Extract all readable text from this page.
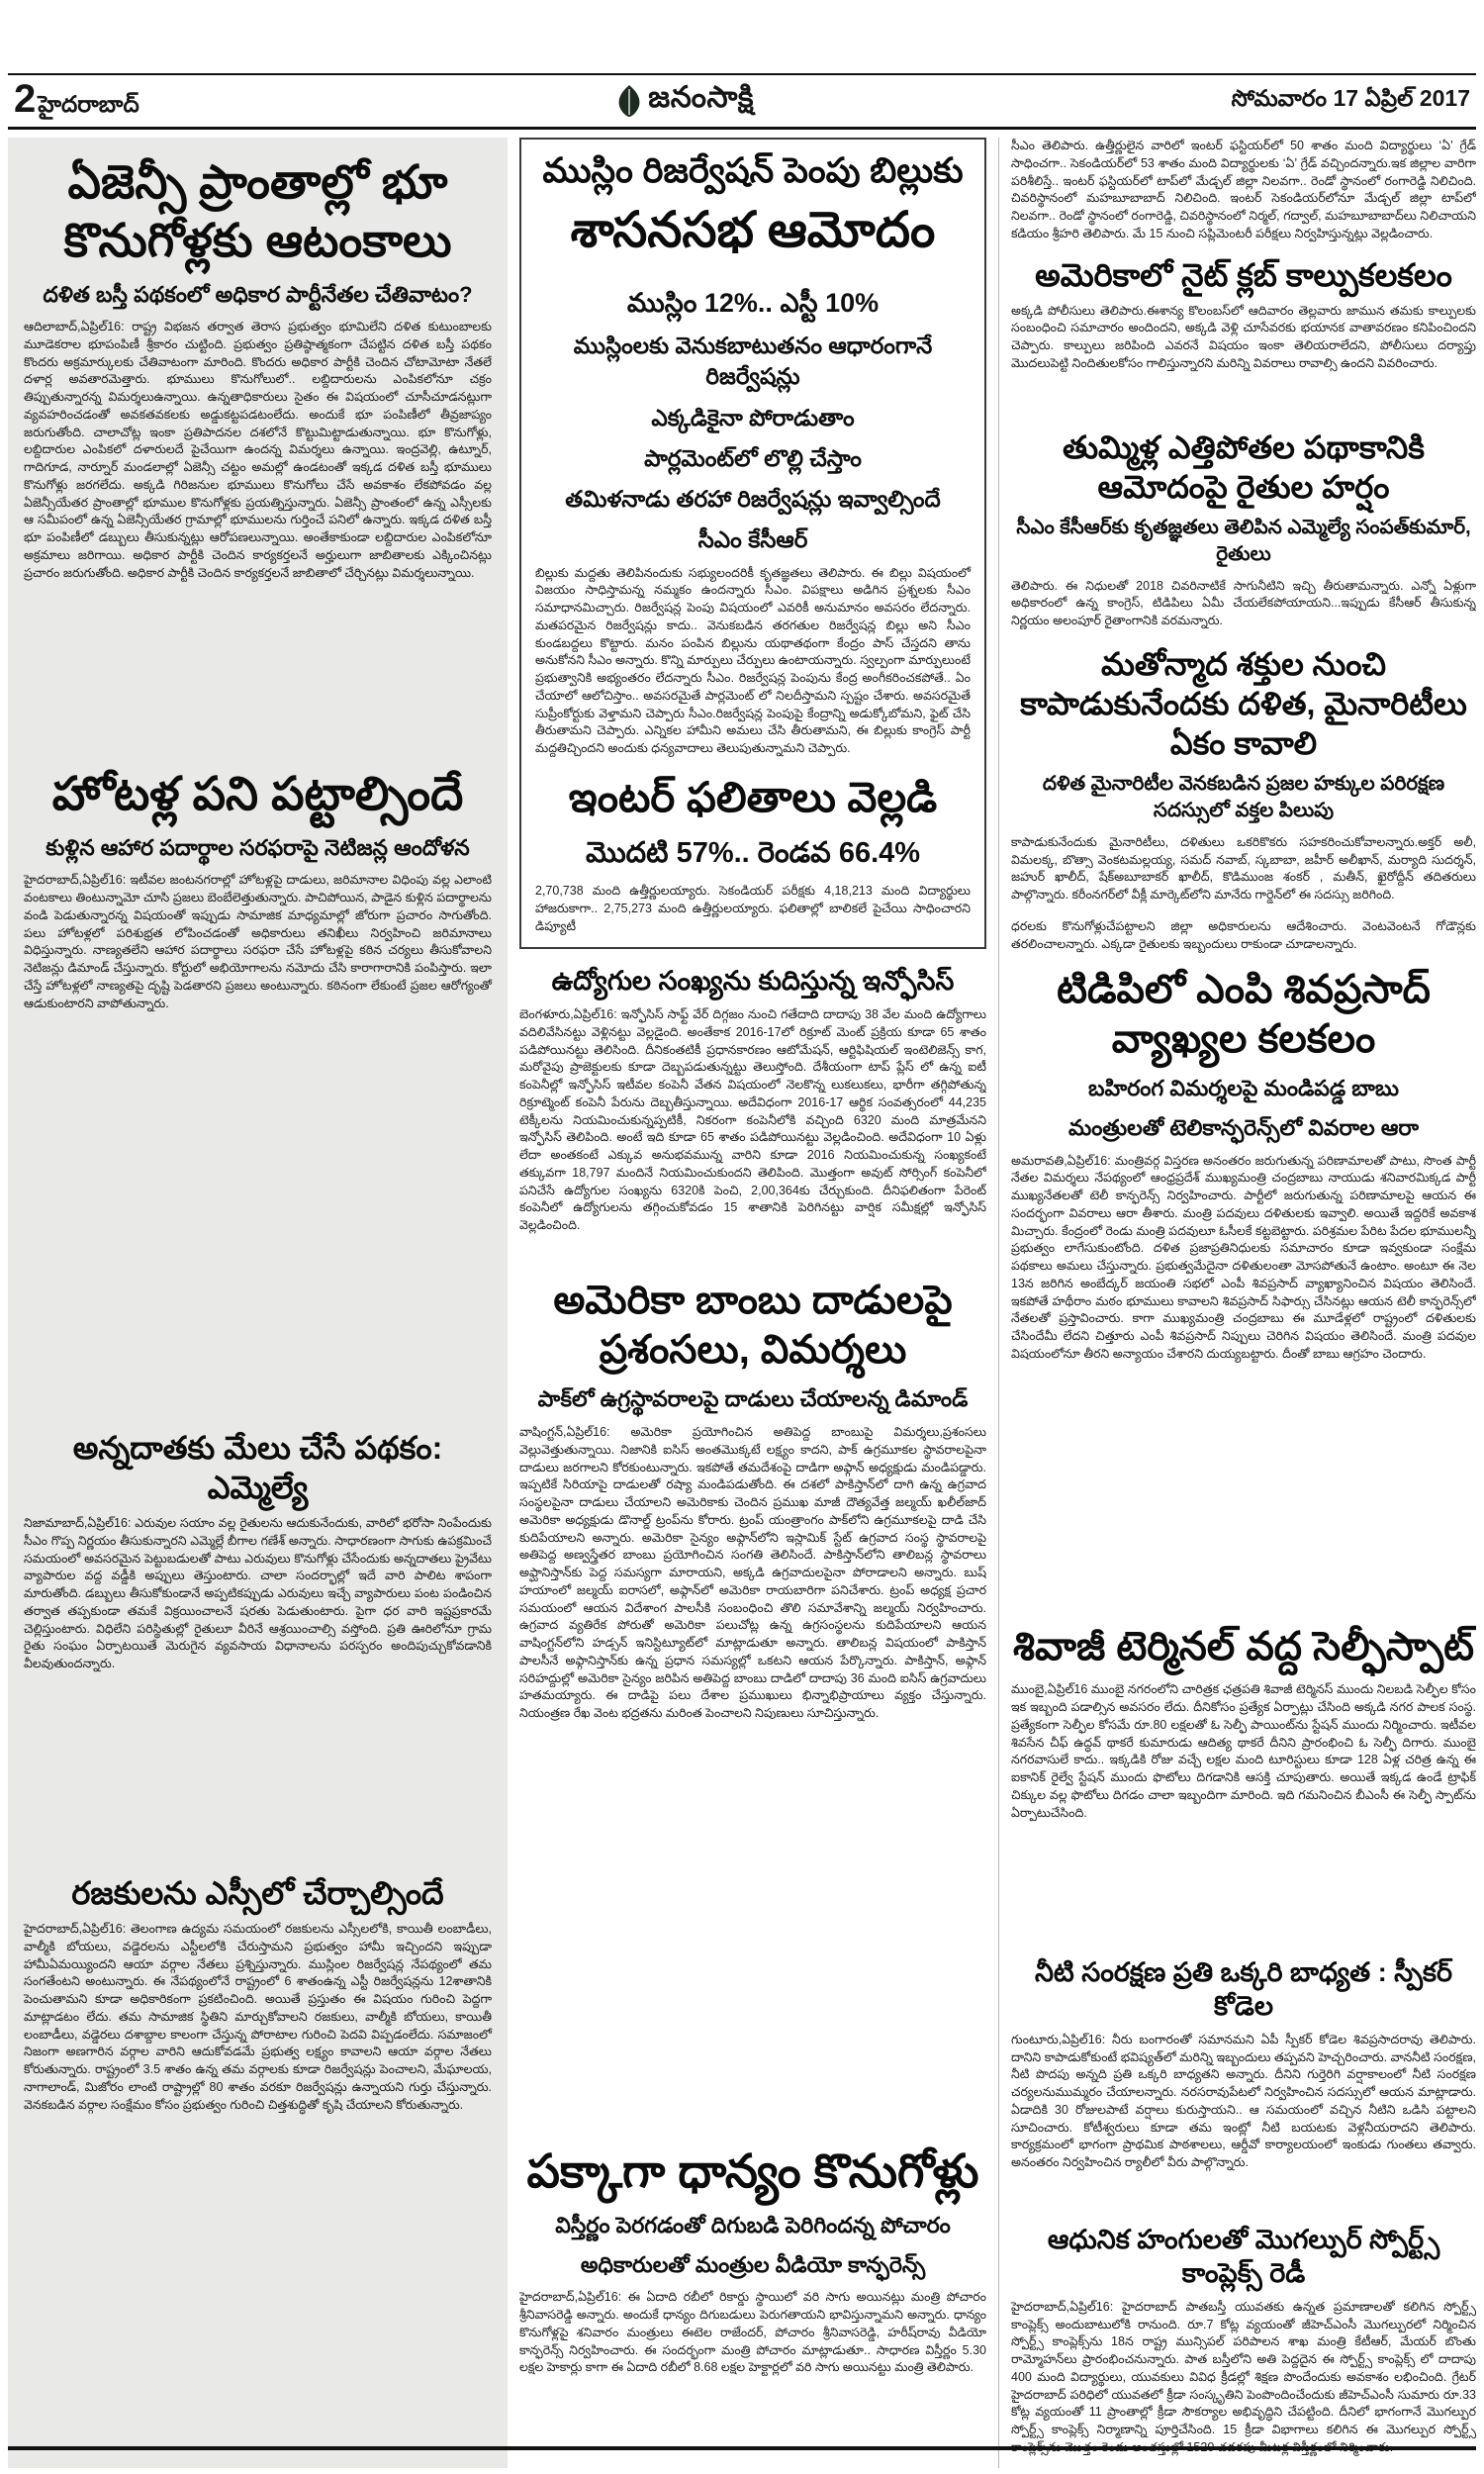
2 హైదరాబాద్	జనంసాక్షి	సోమవారం 17 ఏప్రిల్ 2017
ఏజెన్సీ ప్రాంతాల్లో భూ కొనుగోళ్లకు ఆటంకాలు
దళిత బస్తీ పథకంలో అధికార పార్టీనేతల చేతివాటం?
ఆదిలాబాద్,ఏప్రిల్16: రాష్ట్ర విభజన తర్వాత తెరాస ప్రభుత్వం భూమిలేని దళిత కుటుంబాలకు మూడెకరాల భూపంపిణీ శ్రీకారం చుట్టింది. ప్రభుత్వం ప్రతిష్ఠాత్మకంగా చేపట్టిన దళిత బస్తీ పథకం కొందరు అక్రమార్కులకు చేతివాటంగా మారింది. కొందరు అధికార పార్టీకి చెందిన చోటామోటా నేతలే దళార్ల అవతారమెత్తారు. భూములు కొనుగోలులో.. లబ్దిదారులను ఎంపికలోనూ చక్రం తిప్పుతున్నారన్న విమర్శలుఉన్నాయి. ఉన్నతాధికారులు సైతం ఈ విషయంలో చూసీచూడనట్లుగా వ్యవహరించడంతో అవకతవకలకు అడ్డుకట్టపడటంలేదు. అందుకే భూ పంపిణీలో తీవ్రజాప్యం జరుగుతోంది. చాలాచోట్ల ఇంకా ప్రతిపాదనల దశలోనే కొట్టుమిట్టాడుతున్నాయి. భూ కొనుగోళ్లు, లబ్దిదారుల ఎంపికలో దళారులదే పైచేయిగా ఉందన్న విమర్శలు ఉన్నాయి. ఇంద్రవెల్లి, ఉట్నూర్, గాదిగూడ, నార్నూర్ మండలాల్లో ఏజెన్సీ చట్టం అమల్లో ఉండటంతో ఇక్కడ దళిత బస్తీ భూములు కొనుగోళ్లు జరగలేదు. అక్కడి గిరిజనుల భూములు కొనుగోలు చేసే అవకాశం లేకపోవడం వల్ల ఏజెన్సీయేతర ప్రాంతాల్లో భూముల కొనుగోళ్లకు ప్రయత్నిస్తున్నారు. ఏజెన్సీ ప్రాంతంలో ఉన్న ఎస్సీలకు ఆ సమీపంలో ఉన్న ఏజెన్సీయేతర గ్రామాల్లో భూములను గుర్తించే పనిలో ఉన్నారు. ఇక్కడ దళిత బస్తీ భూ పంపిణీలో డబ్బులు తీసుకున్నట్లు ఆరోపణలున్నాయి. అంతేకాకుండా లబ్దిదారుల ఎంపికలోనూ అక్రమాలు జరిగాయి. అధికార పార్టీకి చెందిన కార్యకర్తలనే అర్హులుగా జాబితాలకు ఎక్కించినట్లు ప్రచారం జరుగుతోంది. అధికార పార్టీకి చెందిన కార్యకర్తలనే జాబితాలో చేర్చినట్లు విమర్శలున్నాయి.
హోటళ్ల పని పట్టాల్సిందే
కుళ్లిన ఆహార పదార్థాల సరఫరాపై నెటిజన్ల ఆందోళన
హైదరాబాద్,ఏప్రిల్16: ఇటీవల జంటనగరాల్లో హోటళ్లపై దాడులు, జరిమానాల విధింపు వల్ల ఎలాంటి వంటకాలు తింటున్నామో చూసి ప్రజలు బెంబేలెత్తుతున్నారు. పాచిపోయిన, పాడైన కుళ్లిన పదార్థాలను వండి పెడుతున్నారన్న విషయంతో ఇప్పుడు సామాజిక మాధ్యమాల్లో జోరుగా ప్రచారం సాగుతోంది. పలు హోటళ్లలో పరిశుభ్రత లోపించడంతో అధికారులు తనిఖీలు నిర్వహించి జరిమానాలు విధిస్తున్నారు. నాణ్యతలేని ఆహార పదార్థాలు సరఫరా చేసే హోటళ్లపై కఠిన చర్యలు తీసుకోవాలని నెటిజన్లు డిమాండ్ చేస్తున్నారు. కోర్టులో అభియోగాలను నమోదు చేసి కారాగారానికి పంపిస్తారు. ఇలా చేస్తే హోటళ్లలో నాణ్యతపై దృష్టి పెడతారని ప్రజలు అంటున్నారు. కఠినంగా లేకుంటే ప్రజల ఆరోగ్యంతో ఆడుకుంటారని వాపోతున్నారు.
అన్నదాతకు మేలు చేసే పథకం: ఎమ్మెల్యే
నిజామాబాద్,ఏప్రిల్16: ఎరువుల సయాం వల్ల రైతులను ఆదుకునేందుకు, వారిలో భరోసా నింపేందుకు సీఎం గొప్ప నిర్ణయం తీసుకున్నారని ఎమ్మెల్లే బీగాల గణేశ్ అన్నారు. సాధారణంగా సాగుకు ఉపక్రమించే సమయంలో అవసరమైన పెట్టుబడులతో పాటు ఎరువులు కొనుగోళ్లు చేసేందుకు అన్నదాతలు ప్రైవేటు వ్యాపారుల వద్ద వడ్డీకి అప్పులు తెస్తుంటారు. చాలా సందర్భాల్లో ఇదే వారి పాలిట శాపంగా మారుతోంది. డబ్బులు తీసుకోకుండానే అప్పటికప్పుడు ఎరువులు ఇచ్చే వ్యాపారులు పంట పండించిన తర్వాత తప్పకుండా తమకే విక్రయించాలనే షరతు పెడుతుంటారు. పైగా ధర వారి ఇష్టప్రకారమే చెల్లిస్తుంటారు. విధిలేని పరిస్థితుల్లో రైతులూ వీరినే ఆశ్రయించాల్సి వస్తోంది. ప్రతి ఊరిలోనూ గ్రామ రైతు సంఘం ఏర్పాటయితే మెరుగైన వ్యవసాయ విధానాలను పరస్పరం అందిపుచ్చుకోవడానికి వీలవుతుందన్నారు.
రజకులను ఎస్సీలో చేర్చాల్సిందే
హైదరాబాద్,ఏప్రిల్16: తెలంగాణ ఉద్యమ సమయంలో రజకులను ఎస్సీలలోకి, కాయితీ లంబాడీలు, వాల్మీకి బోయలు, వడ్డెరలను ఎస్టీలలోకి చేరుస్తామని ప్రభుత్వం హామీ ఇచ్చిందని ఇప్పుడా హామీఏమయ్యిందని ఆయా వర్గాల నేతలు ప్రశ్నిస్తున్నారు. ముస్లింల రిజర్వేషన్ల నేపథ్యంలో తమ సంగతేంటని అంటున్నారు. ఈ నేపథ్యంలోనే రాష్ట్రంలో 6 శాతంఉన్న ఎస్టీ రిజర్వేషన్లను 12శాతానికి పెంచుతామని కూడా అధికారికంగా ప్రకటించింది. అయితే ప్రస్తుతం ఈ విషయం గురించి పెద్దగా మాట్లాడటం లేదు. తమ సామాజిక స్థితిని మార్చుకోవాలని రజకులు, వాల్మీకి బోయలు, కాయితీ లంబాడీలు, వడ్డెరలు దశాబ్దాల కాలంగా చేస్తున్న పోరాటాల గురించి పెదవి విప్పడంలేదు. సమాజంలో నిజంగా అణగారిన వర్గాల వారిని ఆదుకోవడమే ప్రభుత్వ లక్ష్యం కావాలని ఆయా వర్గాల నేతలు కోరుతున్నారు. రాష్ట్రంలో 3.5 శాతం ఉన్న తమ వర్గాలకు కూడా రిజర్వేషన్లు పెంచాలని, మేఘాలయ, నాగాలాండ్, మిజోరం లాంటి రాష్ట్రాల్లో 80 శాతం వరకూ రిజర్వేషన్లు ఉన్నాయని గుర్తు చేస్తున్నారు. వెనకబడిన వర్గాల సంక్షేమం కోసం ప్రభుత్వం గురించి చిత్తశుద్ధితో కృషి చేయాలని కోరుతున్నారు.
ముస్లిం రిజర్వేషన్ పెంపు బిల్లుకు
శాసనసభ ఆమోదం
ముస్లిం 12%.. ఎస్టీ 10%
ముస్లింలకు వెనుకబాటుతనం ఆధారంగానే రిజర్వేషన్లు
ఎక్కడికైనా పోరాడుతాం
పార్లమెంట్‌లో లొల్లి చేస్తాం
తమిళనాడు తరహా రిజర్వేషన్లు ఇవ్వాల్సిందే
సీఎం కేసీఆర్
బిల్లుకు మద్దతు తెలిపినందుకు సభ్యులందరికీ కృతజ్ఞతలు తెలిపారు. ఈ బిల్లు విషయంలో విజయం సాధిస్తామన్న నమ్మకం ఉందన్నారు సీఎం. విపక్షాలు అడిగిన ప్రశ్నలకు సీఎం సమాధానమిచ్చారు. రిజర్వేషన్ల పెంపు విషయంలో ఎవరికీ అనుమానం అవసరం లేదన్నారు. మతపరమైన రిజర్వేషన్లు కాదు.. వెనుకబడిన తరగతుల రిజర్వేషన్ల బిల్లు అని సీఎం కుండబద్దలు కొట్టారు. మనం పంపిన బిల్లును యథాతథంగా కేంద్రం పాస్ చేస్తదని తాను అనుకోనని సీఎం అన్నారు. కొన్ని మార్పులు చేర్పులు ఉంటాయన్నారు. స్వల్పంగా మార్పులుంటే ప్రభుత్వానికి అభ్యంతరం లేదన్నారు సీఎం. రిజర్వేషన్ల పెంపును కేంద్ర అంగీకరించకపోతే.. ఏం చేయాలో ఆలోచిస్తాం.. అవసరమైతే పార్లమెంట్ లో నిలదీస్తామని స్పష్టం చేశారు. అవసరమైతే సుప్రీంకోర్టుకు వెళ్తామని చెప్పారు సీఎం.రిజర్వేషన్ల పెంపుపై కేంద్రాన్ని అడుక్కోబోమని, ఫైట్ చేసి తీరుతామని చెప్పారు. ఎన్నికల హామీని అమలు చేసి తీరుతామని, ఈ బిల్లుకు కాంగ్రెస్ పార్టీ మద్దతిచ్చిందని అందుకు ధన్యవాదాలు తెలుపుతున్నామని చెప్పారు.
ఇంటర్ ఫలితాలు వెల్లడి
మొదటి 57%.. రెండవ 66.4%
2,70,738 మంది ఉత్తీర్ణులయ్యారు. సెకండియర్ పరీక్షకు 4,18,213 మంది విద్యార్థులు హాజరుకాగా.. 2,75,273 మంది ఉత్తీర్ణులయ్యారు. ఫలితాల్లో బాలికలే పైచేయి సాధించారని డిప్యూటీ
ఉద్యోగుల సంఖ్యను కుదిస్తున్న ఇన్ఫోసిస్
బెంగళూరు,ఏప్రిల్16: ఇన్ఫోసిస్ సాఫ్ట్ వేర్ దిగ్గజం నుంచి గతేదాది దాదాపు 38 వేల మంది ఉద్యోగాలు వదిలివేసినట్టు వెళ్లినట్టు వెల్లడైంది. అంతేకాక 2016-17లో రిక్రూట్ మెంట్ ప్రక్రియ కూడా 65 శాతం పడిపోయినట్టు తెలిసింది. దీనికంతటికీ ప్రధానకారణం ఆటోమేషన్, ఆర్టిఫిషియల్ ఇంటెలిజెన్స్ కాగ, మరోవైపు ప్రాజెక్టులకు కూడా దెబ్బపడుతున్నట్టు తెలుస్తోంది. దేశీయంగా టాప్ ప్లేస్ లో ఉన్న ఐటీ కంపెనీల్లో ఇన్ఫోసిస్ ఇటీవల కంపెనీ వేతన విషయంలో నెలకొన్న లుకలుకలు, భారీగా తగ్గిపోతున్న రిక్రూట్మెంట్ కంపెనీ పేరును దెబ్బతీస్తున్నాయి. అదేవిధంగా 2016-17 ఆర్థిక సంవత్సరంలో 44,235 టెక్కీలను నియమించుకున్నప్పటికీ, నికరంగా కంపెనీలోకి వచ్చింది 6320 మంది మాత్రమేనని ఇన్ఫోసిస్ తెలిపింది. అంటే ఇది కూడా 65 శాతం పడిపోయినట్టు వెల్లడించింది. అదేవిధంగా 10 ఏళ్లు లేదా అంతకంటే ఎక్కువ అనుభవమున్న వారిని కూడా 2016 నియమించుకున్న సంఖ్యకంటే తక్కువగా 18,797 మందినే నియమించుకుందని తెలిపింది. మొత్తంగా అవుట్ సోర్సింగ్ కంపెనీలో పనిచేసే ఉద్యోగుల సంఖ్యను 6320కి పెంచి, 2,00,364కు చేర్చుకుంది. దీనిఫలితంగా పేరెంట్ కంపెనీలో ఉద్యోగులను తగ్గించుకోవడం 15 శాతానికి పెరిగినట్టు వార్షిక సమీక్షల్లో ఇన్ఫోసిస్ వెల్లడించింది.
అమెరికా బాంబు దాడులపై ప్రశంసలు, విమర్శలు
పాక్‌లో ఉగ్రస్థావరాలపై దాడులు చేయాలన్న డిమాండ్
వాషింగ్టన్,ఏప్రిల్16: అమెరికా ప్రయోగించిన అతిపెద్ద బాంబుపై విమర్శలు,ప్రశంసలు వెల్లువెత్తుతున్నాయి. నిజానికి ఐసిస్ అంతమొక్కటే లక్ష్యం కాదని, పాక్ ఉగ్రమూకల స్థావరాలపైనా దాడులు జరగాలని కోరకుంటున్నారు. ఇకపోతే తమదేశంపై దాడిగా అఫ్గాన్ అధ్యక్షుడు మండిపడ్డారు. ఇప్పటికే సిరియాపై దాడులతో రష్యా మండిపడుతోంది. ఈ దశలో పాకిస్తాన్‌లో దాగి ఉన్న ఉగ్రవాద సంస్థలపైనా దాడులు చేయాలని అమెరికాకు చెందిన ప్రముఖ మాజీ దౌత్యవేత్త జల్మయ్ ఖలీల్‌జాద్ అమెరికా అధ్యక్షుడు డొనాల్డ్ ట్రంప్‌ను కోరారు. ట్రంప్ యంత్రాంగం పాక్‌లోని ఉగ్రమూకలపై దాడి చేసి కుదిపేయాలని అన్నారు. అమెరికా సైన్యం అఫ్గాన్‌లోని ఇస్లామిక్ స్టేట్ ఉగ్రవాద సంస్థ స్థావరాలపై అతిపెద్ద అణ్వస్త్రేతర బాంబు ప్రయోగించిన సంగతి తెలిసిందే. పాకిస్తాన్‌లోని తాలిబన్ల స్థావరాలు అఫ్ఘానిస్తాన్‌కు పెద్ద సమస్యగా మారాయని, అక్కడి ఉగ్రవాదులపైనా పోరాడాలని అన్నారు. బుష్ హయాంలో జల్మయ్ ఐరాసలో, అఫ్గాన్‌లో అమెరికా రాయబారిగా పనిచేశారు. ట్రంప్ అధ్యక్ష ప్రచార సమయంలో ఆయన విదేశాంగ పాలసీకి సంబంధించి తొలి సమావేశాన్ని జల్మయ్ నిర్వహించారు. ఉగ్రవాద వ్యతిరేక పోరుతో అమెరికా పలుచోట్ల ఉన్న ఉగ్రసంస్థలను కుదిపేయాలని ఆయన వాషింగ్టన్‌లోని హడ్సన్ ఇనిస్టిట్యూట్‌లో మాట్లాడుతూ అన్నారు. తాలిబన్ల విషయంలో పాకిస్తాన్ పాలసీనే అఫ్గానిస్తాన్‌కు ఉన్న ప్రధాన సమస్యల్లో ఒకటని ఆయన పేర్కొన్నారు. పాకిస్తాన్, అఫ్గాన్ సరిహద్దుల్లో అమెరికా సైన్యం జరిపిన అతిపెద్ద బాంబు దాడిలో దాదాపు 36 మంది ఐసిస్ ఉగ్రవాదులు హతమయ్యారు. ఈ దాడిపై పలు దేశాల ప్రముఖులు భిన్నాభిప్రాయాలు వ్యక్తం చేస్తున్నారు. నియంత్రణ రేఖ వెంట భద్రతను మరింత పెంచాలని నిపుణులు సూచిస్తున్నారు.
పక్కాగా ధాన్యం కొనుగోళ్లు
విస్తీర్ణం పెరగడంతో దిగుబడి పెరిగిందన్న పోచారం
అధికారులతో మంత్రుల వీడియో కాన్ఫరెన్స్
హైదరాబాద్,ఏప్రిల్16: ఈ ఏదాది రబీలో రికార్డు స్థాయిలో వరి సాగు అయినట్లు మంత్రి పోచారం శ్రీనివాసరెడ్డి అన్నారు. అందుకే ధాన్యం దిగుబడులు పెరుగతాయని భావిస్తున్నామని అన్నారు. ధాన్యం కొనుగోళ్లపై శనివారం మంత్రులు ఈటెల రాజేందర్, పోచారం శ్రీనివాసరెడ్డి, హరీష్‌రావు వీడియో కాన్ఫరెన్స్ నిర్వహించారు. ఈ సందర్భంగా మంత్రి పోచారం మాట్లాడుతూ.. సాధారణ విస్తీర్ణం 5.30 లక్షల హెకార్లు కాగా ఈ ఏదాది రబీలో 8.68 లక్షల హెక్టార్లలో వరి సాగు అయినట్టు మంత్రి తెలిపారు.
సీఎం తెలిపారు. ఉత్తీర్ణులైన వారిలో ఇంటర్ ఫస్టియర్‌లో 50 శాతం మంది విద్యార్థులు ‘ఏ’ గ్రేడ్ సాధించగా.. సెకండియర్‌లో 53 శాతం మంది విద్యార్థులకు ‘ఏ’ గ్రేడ్ వచ్చిందన్నారు.ఇక జిల్లాల వారిగా పరిశీలిస్తే.. ఇంటర్ ఫస్టియర్‌లో టాప్‌లో మేడ్చల్ జిల్లా నిలవగా.. రెండో స్థానంలో రంగారెడ్డి నిలిచింది. చివరిస్థానంలో మహబూబాబాద్ నిలిచింది. ఇంటర్ సెకండియర్‌లోనూ మేడ్చల్ జిల్లా టాప్‌లో నిలవగా.. రెండో స్థానంలో రంగారెడ్డి, చివరిస్థానంలో నిర్మల్, గద్వాల్, మహబూబాబాద్‌లు నిలిచాయని కడియం శ్రీహరి తెలిపారు. మే 15 నుంచి సప్లిమెంటరీ పరీక్షలు నిర్వహిస్తున్నట్లు వెల్లడించారు.
అమెరికాలో నైట్ క్లబ్ కాల్పుకలకలం
అక్కడి పోలీసులు తెలిపారు.ఈశాన్య కొలంబస్‌లో ఆదివారం తెల్లవారు జామున తమకు కాల్పులకు సంబంధించి సమాచారం అందిందని, అక్కడి వెళ్లి చూసేవరకు భయానక వాతావరణం కనిపించిందని చెప్పారు. కాల్పులు జరిపింది ఎవరనే విషయం ఇంకా తెలియరాలేదని, పోలీసులు దర్యాప్తు మొదలుపెట్టి నిందితులకోసం గాలిస్తున్నారని మరిన్ని వివరాలు రావాల్సి ఉందని వివరించారు.
తుమ్మిళ్ల ఎత్తిపోతల పథాకానికి ఆమోదంపై రైతుల హర్షం
సీఎం కేసీఆర్‌కు కృతజ్ఞతలు తెలిపిన ఎమ్మెల్యే సంపత్‌కుమార్, రైతులు
తెలిపారు. ఈ నిధులతో 2018 చివరినాటికే సాగునీటిని ఇచ్చి తీరుతామన్నారు. ఎన్నో ఏళ్లుగా అధికారంలో ఉన్న కాంగ్రెస్, టిడిపిలు ఏమీ చేయలేకపోయాయని...ఇప్పుడు కేసీఆర్ తీసుకున్న నిర్ణయం అలంపూర్ రైతాంగానికి వరమన్నారు.
మతోన్మాద శక్తుల నుంచి కాపాడుకునేందకు దళిత, మైనారిటీలు ఏకం కావాలి
దళిత మైనారిటీల వెనకబడిన ప్రజల హక్కుల పరిరక్షణ సదస్సులో వక్తల పిలుపు
కాపాడుకునేందుకు మైనారిటీలు, దళితులు ఒకరికొకరు సహకరించుకోవాలన్నారు.అక్తర్ అలీ, విమలక్క, బొత్సా వెంకటమల్లయ్య, సమద్ నవాబ్, స్కబాబా, జహీర్ అలీఖాన్, మర్యాది సుదర్శన్, జహుర్ ఖాలీద్, షేక్అబూబాకర్ ఖాలీద్, కొడిముంజ శంకర్ , మతీన్, ఖైరోద్దీన్ తదితరులు పాల్గొన్నారు. కరీంనగర్‌లో వీక్లీ మార్కెట్‌లోని మానేరు గార్డెన్‌లో ఈ సదస్సు జరిగింది.
ధరలకు కొనుగోళ్లుచేపట్టాలని జిల్లా అధికారులను ఆదేశించారు. వెంటవెంటనే గోడౌన్లకు తరలించాలన్నారు. ఎక్కడా రైతులకు ఇబ్బందులు రాకుండా చూడాలన్నారు.
టిడిపిలో ఎంపి శివప్రసాద్ వ్యాఖ్యల కలకలం
బహిరంగ విమర్శలపై మండిపడ్డ బాబు
మంత్రులతో టెలికాన్ఫరెన్స్‌లో వివరాల ఆరా
అమరావతి,ఏప్రిల్16: మంత్రివర్గ విస్తరణ అనంతరం జరుగుతున్న పరిణామాలతో పాటు, సొంత పార్టీ నేతల విమర్శలు నేపథ్యంలో ఆంధ్రప్రదేశ్ ముఖ్యమంత్రి చంద్రబాబు నాయుడు శనివారమిక్కడ పార్టీ ముఖ్యనేతలతో టెలీ కాన్ఫరెన్స్ నిర్వహించారు. పార్టీలో జరుగుతున్న పరిణామాలపై ఆయన ఈ సందర్భంగా వివరాలు ఆరా తీశారు. మంత్రి పదవులు దళితులకు ఇవ్వాలి. అయితే ఇద్దరికే అవకాశ మిచ్చారు. కేంద్రంలో రెండు మంత్రి పదవులూ ఓసీలకే కట్టబెట్టారు. పరిశ్రమల పేరిట పేదల భూములన్నీ ప్రభుత్వం లాగేసుకుంటోంది. దళిత ప్రజాప్రతినిధులకు సమాచారం కూడా ఇవ్వకుండా సంక్షేమ పథకాలు అమలు చేస్తున్నారు. ప్రభుత్వమేదైనా దళితులంతా మోసపోతునే ఉంటాం. అంటూ ఈ నెల 13న జరిగిన అంబేద్కర్ జయంతి సభలో ఎంపీ శివప్రసాద్ వ్యాఖ్యానించిన విషయం తెలిసిందే. ఇకపోతే హథీరాం మఠం భూములు కావాలని శివప్రసాద్ సిఫార్సు చేసినట్లు ఆయన టెలీ కాన్ఫరెన్స్‌లో నేతలతో ప్రస్తావించారు. కాగా ముఖ్యమంత్రి చంద్రబాబు ఈ మూడేళ్లలో రాష్ట్రంలో దళితులకు చేసిందేమీ లేదని చిత్తూరు ఎంపీ శివప్రసాద్ నిప్పులు చెరిగిన విషయం తెలిసిందే. మంత్రి పదవుల విషయంలోనూ తీరని అన్యాయం చేశారని దుయ్యబట్టారు. దీంతో బాబు ఆగ్రహం చెందారు.
శివాజీ టెర్మినల్ వద్ద సెల్ఫీస్పాట్
ముంబై,ఏప్రిల్16 ముంబై నగరంలోని చారిత్రక ఛత్రపతి శివాజీ టెర్మినస్ ముందు నిలబడి సెల్ఫీల కోసం ఇక ఇబ్బంది పడాల్సిన అవసరం లేదు. దీనికోసం ప్రత్యేక ఏర్పాట్లు చేసింది అక్కడి నగర పాలక సంస్థ. ప్రత్యేకంగా సెల్ఫీల కోసమే రూ.80 లక్షలతో ఓ సెల్ఫీ పాయింట్‌ను స్టేషన్ ముందు నిర్మించారు. ఇటీవల శివసేన చీఫ్ ఉద్ధవ్ థాకరే కుమారుడు ఆదిత్య థాకరే దీనిని ప్రారంభించి ఓ సెల్ఫీ దిగారు. ముంబై నగరవాసులే కాదు.. ఇక్కడికి రోజు వచ్చే లక్షల మంది టూరిస్టులు కూడా 128 ఏళ్ల చరిత్ర ఉన్న ఈ ఐకానిక్ రైల్వే స్టేషన్ ముందు ఫొటోలు దిగడానికి ఆసక్తి చూపుతారు. అయితే ఇక్కడ ఉండే ట్రాఫిక్ చిక్కుల వల్ల ఫొటోలు దిగడం చాలా ఇబ్బందిగా మారింది. ఇది గమనించిన బీఎంసీ ఈ సెల్ఫీ స్పాట్‌ను ఏర్పాటుచేసింది.
నీటి సంరక్షణ ప్రతి ఒక్కరి బాధ్యత : స్పీకర్ కోడెల
గుంటూరు,ఏప్రిల్16: నీరు బంగారంతో సమానమని ఏపీ స్పీకర్ కోడెల శివప్రసాదరావు తెలిపారు. దానిని కాపాడుకోకుంటే భవిష్యత్‌లో మరిన్ని ఇబ్బందులు తప్పవని హెచ్చరించారు. వాననీటి సంరక్షణ, నీటి పొదపు అన్నది ప్రతి ఒక్కరి బాధ్యతని అన్నారు. దీనిని గుర్తెరిగి వర్షాకాలంలో నీటి సంరక్షణ చర్యలనుముమ్మరం చేయాలన్నారు. నరసరావుపేటలో నిర్వహించిన సదస్సులో ఆయన మాట్లాడారు. ఏడాదికి 30 రోజులపాటే వర్షాలు కురుస్తాయని.. ఆ సమయంలో వచ్చిన నీటిని ఒడిసి పట్టాలని సూచించారు. కోటీశ్వరులు కూడా తమ ఇంట్లో నీటి బయటకు వెళ్లనీయరాదని తెలిపారు. కార్యక్రమంలో భాగంగా ప్రాథమిక పాఠశాలలు, ఆర్డీవో కార్యాలయంలో ఇంకుడు గుంతలు తవ్వారు. అనంతరం నిర్వహించిన ర్యాలీలో వీరు పాల్గొన్నారు.
ఆధునిక హంగులతో మొగల్పుర్ స్పోర్ట్స్ కాంప్లెక్స్ రెడీ
హైదరాబాద్,ఏప్రిల్16: హైదరాబాద్ పాతబస్తీ యువతకు ఉన్నత ప్రమాణాలతో కలిగిన స్పోర్ట్స్ కాంప్లెక్స్ అందుబాటులోకి రానుంది. రూ.7 కోట్ల వ్యయంతో జీహెచ్ఎంసీ మొగల్పురలో నిర్మించిన స్పోర్ట్స్ కాంప్లెక్స్‌ను 18న రాష్ట్ర మున్సిపల్ పరిపాలన శాఖ మంత్రి కేటీఆర్, మేయర్ బొంతు రామ్మోహన్‌లు ప్రారంభించనున్నారు. పాత బస్తీలోని అతి పెద్దదైన ఈ స్పోర్ట్స్ కాంప్లెక్స్ లో దాదాపు 400 మంది విద్యార్థులు, యువకులు వివిధ క్రీడల్లో శిక్షణ పొందేందుకు అవకాశం లభించింది. గ్రేటర్ హైదరాబాద్ పరిధిలో యువతలో క్రీడా సంస్కృతిని పెంపొందించేందుకు జీహెచ్ఎంసీ సుమారు రూ.33 కోట్ల వ్యయంతో 11 ప్రాంతాల్లో క్రీడా సౌకర్యాల అభివృద్ధిని చేపట్టింది. దీనిలో భాగంగానే మొగల్పుర స్పోర్ట్స్ కాంప్లెక్స్ నిర్మాణాన్ని పూర్తిచేసింది. 15 క్రీడా విభాగాలు కలిగిన ఈ మొగల్పుర స్పోర్ట్స్ కాంప్లెక్స్‌ను మొత్తం రెండు అంతస్తుల్లో 1520 చదరపు మీటర్ల విస్తీర్ణంలో నిర్మించారు.
